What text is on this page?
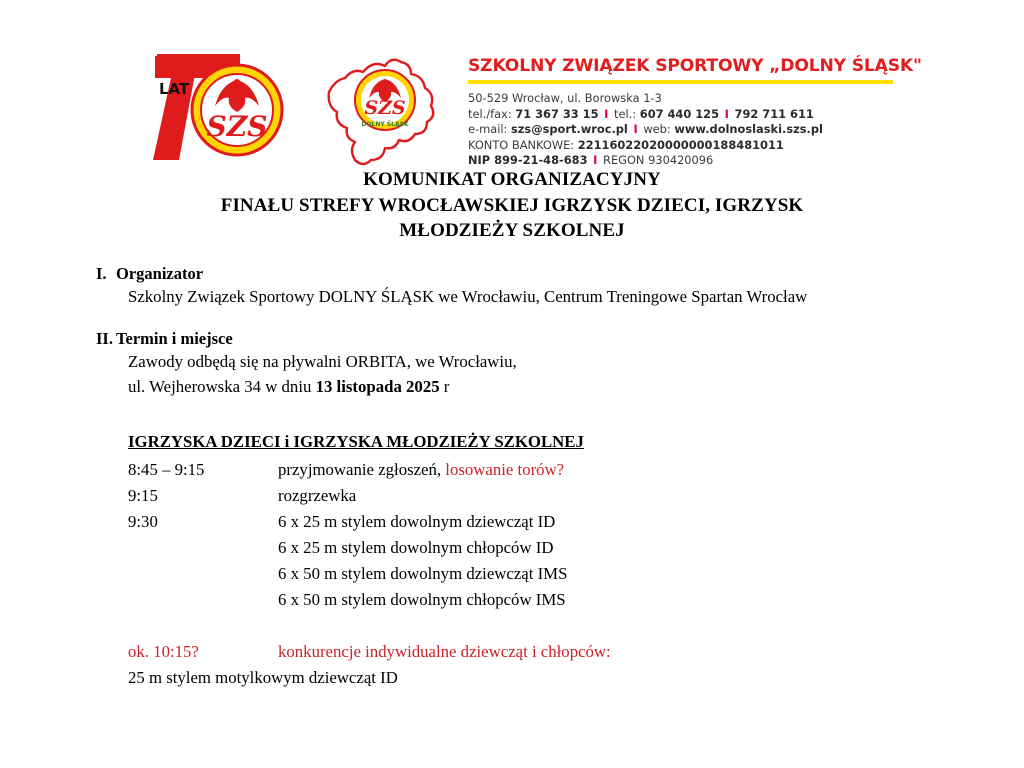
LAT
SZS
SZS
DOLNY ŚLĄSK
SZKOLNY ZWIĄZEK SPORTOWY „DOLNY ŚLĄSK"
50-529 Wrocław, ul. Borowska 1-3
tel./fax: 71 367 33 15 I tel.: 607 440 125 I 792 711 611
e-mail: szs@sport.wroc.pl I web: www.dolnoslaski.szs.pl
KONTO BANKOWE: 22116022020000000188481011
NIP 899-21-48-683 I REGON 930420096
KOMUNIKAT ORGANIZACYJNY
FINAŁU STREFY WROCŁAWSKIEJ IGRZYSK DZIECI, IGRZYSK
MŁODZIEŻY SZKOLNEJ
I. Organizator
Szkolny Związek Sportowy DOLNY ŚLĄSK we Wrocławiu, Centrum Treningowe Spartan Wrocław
II. Termin i miejsce
Zawody odbędą się na pływalni ORBITA, we Wrocławiu,
ul. Wejherowska 34 w dniu 13 listopada 2025 r
IGRZYSKA DZIECI i IGRZYSKA MŁODZIEŻY SZKOLNEJ
8:45 – 9:15	przyjmowanie zgłoszeń, losowanie torów?
9:15	rozgrzewka
9:30	6 x 25 m stylem dowolnym dziewcząt ID
6 x 25 m stylem dowolnym chłopców ID
6 x 50 m stylem dowolnym dziewcząt IMS
6 x 50 m stylem dowolnym chłopców IMS
ok. 10:15?	konkurencje indywidualne dziewcząt i chłopców:
25 m stylem motylkowym dziewcząt ID
